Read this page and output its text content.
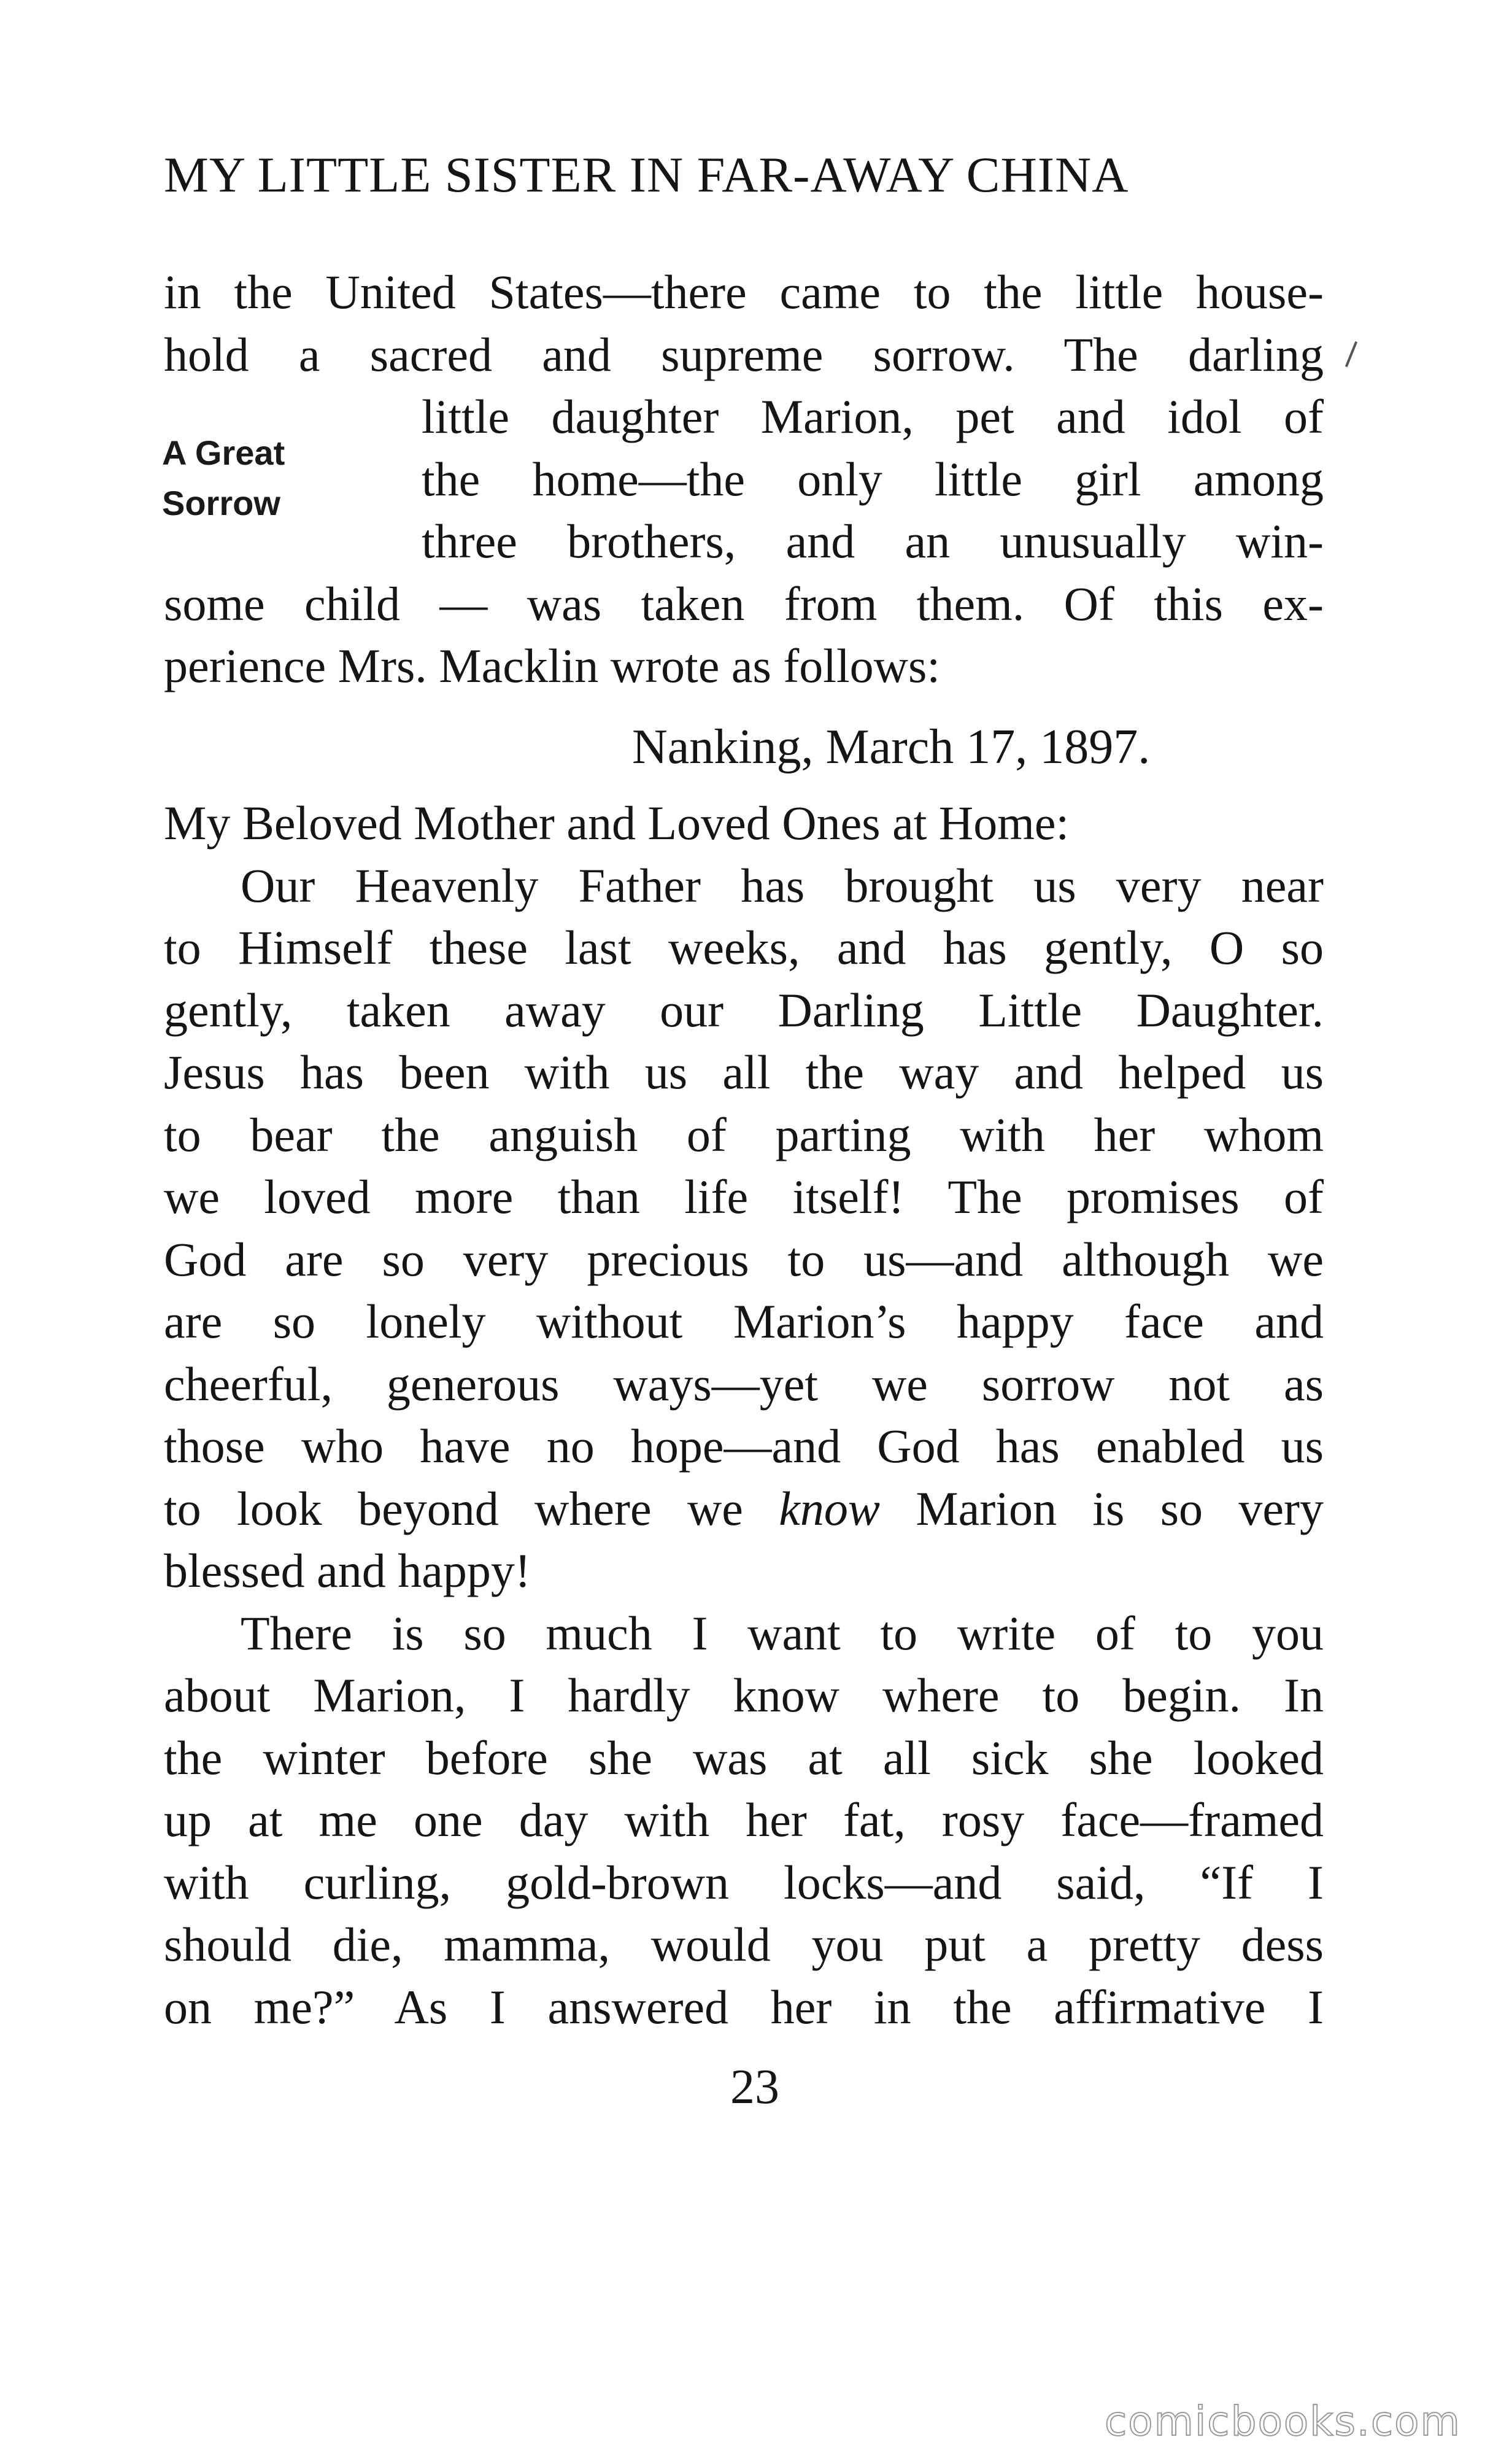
MY LITTLE SISTER IN FAR-AWAY CHINA
A Great
Sorrow
in the United States—there came to the little house-
hold a sacred and supreme sorrow. The darling
little daughter Marion, pet and idol of
the home—the only little girl among
three brothers, and an unusually win-
some child — was taken from them. Of this ex-
perience Mrs. Macklin wrote as follows:
Nanking, March 17, 1897.
My Beloved Mother and Loved Ones at Home:
Our Heavenly Father has brought us very near
to Himself these last weeks, and has gently, O so
gently, taken away our Darling Little Daughter.
Jesus has been with us all the way and helped us
to bear the anguish of parting with her whom
we loved more than life itself! The promises of
God are so very precious to us—and although we
are so lonely without Marion’s happy face and
cheerful, generous ways—yet we sorrow not as
those who have no hope—and God has enabled us
to look beyond where we know Marion is so very
blessed and happy!
There is so much I want to write of to you
about Marion, I hardly know where to begin. In
the winter before she was at all sick she looked
up at me one day with her fat, rosy face—framed
with curling, gold-brown locks—and said, “If I
should die, mamma, would you put a pretty dess
on me?” As I answered her in the affirmative I
23
comicbooks.com
